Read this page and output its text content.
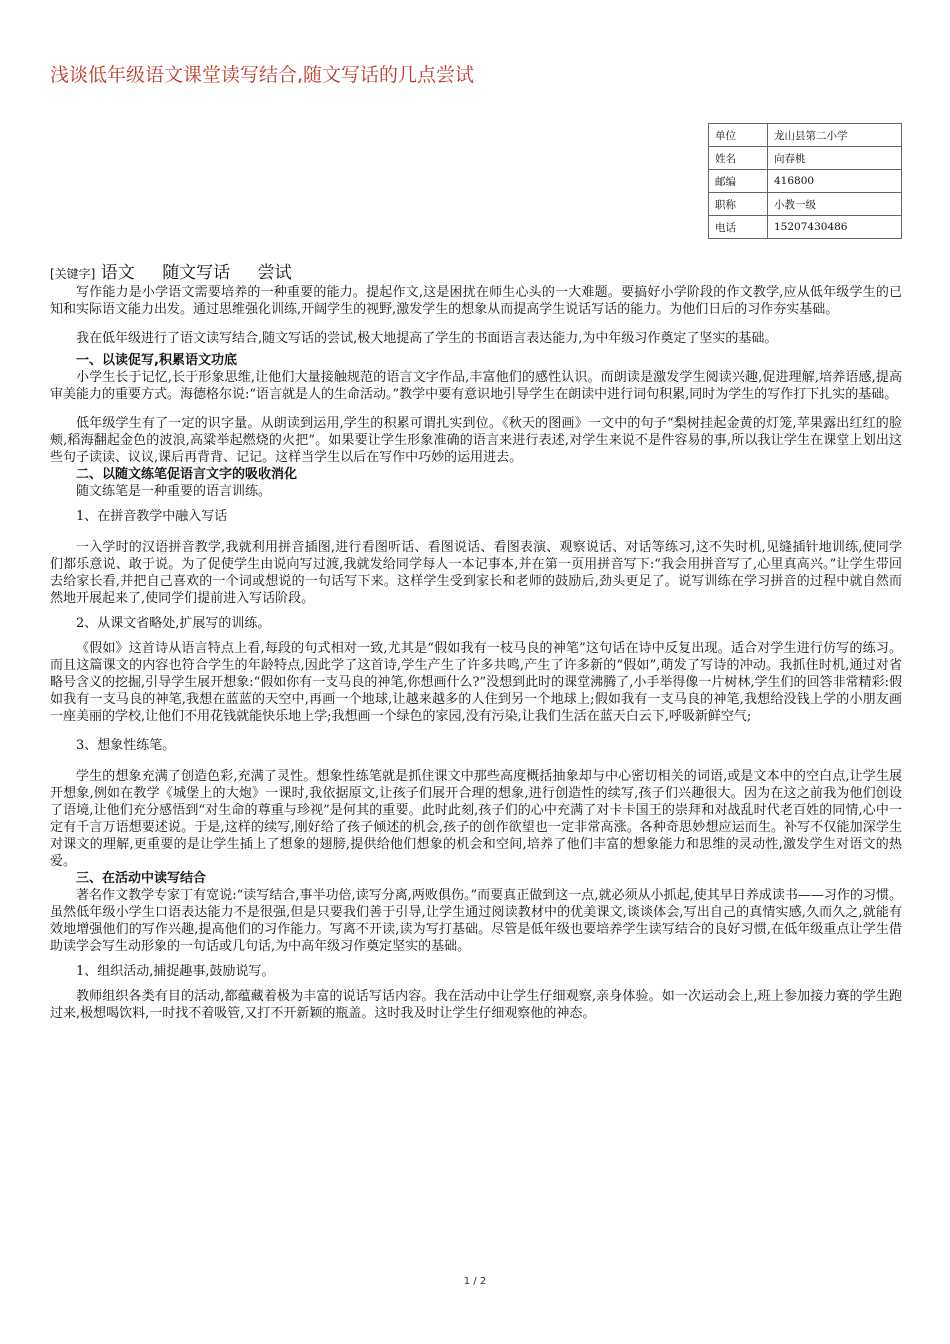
浅谈低年级语文课堂读写结合,随文写话的几点尝试
单位	龙山县第二小学
姓名	向春桃
邮编	416800
职称	小教一级
电话	15207430486
[关键字] 语文 随文写话 尝试

写作能力是小学语文需要培养的一种重要的能力。提起作文,这是困扰在师生心头的一大难题。要搞好小学阶段的作文教学,应从低年级学生的已知和实际语文能力出发。通过思维强化训练,开阔学生的视野,激发学生的想象从而提高学生说话写话的能力。为他们日后的习作夯实基础。

我在低年级进行了语文读写结合,随文写话的尝试,极大地提高了学生的书面语言表达能力,为中年级习作奠定了坚实的基础。

一、以读促写,积累语文功底

小学生长于记忆,长于形象思维,让他们大量接触规范的语言文字作品,丰富他们的感性认识。而朗读是激发学生阅读兴趣,促进理解,培养语感,提高审美能力的重要方式。海德格尔说:“语言就是人的生命活动。”教学中要有意识地引导学生在朗读中进行词句积累,同时为学生的写作打下扎实的基础。

低年级学生有了一定的识字量。从朗读到运用,学生的积累可谓扎实到位。《秋天的图画》一文中的句子“梨树挂起金黄的灯笼,苹果露出红红的脸颊,稻海翻起金色的波浪,高粱举起燃烧的火把”。如果要让学生形象准确的语言来进行表述,对学生来说不是件容易的事,所以我让学生在课堂上划出这些句子读读、议议,课后再背背、记记。这样当学生以后在写作中巧妙的运用进去。

二、以随文练笔促语言文字的吸收消化

随文练笔是一种重要的语言训练。

1、在拼音教学中融入写话

一入学时的汉语拼音教学,我就利用拼音插图,进行看图听话、看图说话、看图表演、观察说话、对话等练习,这不失时机,见缝插针地训练,使同学们都乐意说、敢于说。为了促使学生由说向写过渡,我就发给同学每人一本记事本,并在第一页用拼音写下:“我会用拼音写了,心里真高兴。”让学生带回去给家长看,并把自己喜欢的一个词或想说的一句话写下来。这样学生受到家长和老师的鼓励后,劲头更足了。说写训练在学习拼音的过程中就自然而然地开展起来了,使同学们提前进入写话阶段。

2、从课文省略处,扩展写的训练。

《假如》这首诗从语言特点上看,每段的句式相对一致,尤其是“假如我有一枝马良的神笔”这句话在诗中反复出现。适合对学生进行仿写的练习。而且这篇课文的内容也符合学生的年龄特点,因此学了这首诗,学生产生了许多共鸣,产生了许多新的“假如”,萌发了写诗的冲动。我抓住时机,通过对省略号含义的挖掘,引导学生展开想象:“假如你有一支马良的神笔,你想画什么?”没想到此时的课堂沸腾了,小手举得像一片树林,学生们的回答非常精彩:假如我有一支马良的神笔,我想在蓝蓝的天空中,再画一个地球,让越来越多的人住到另一个地球上;假如我有一支马良的神笔,我想给没钱上学的小朋友画一座美丽的学校,让他们不用花钱就能快乐地上学;我想画一个绿色的家园,没有污染,让我们生活在蓝天白云下,呼吸新鲜空气;

3、想象性练笔。

学生的想象充满了创造色彩,充满了灵性。想象性练笔就是抓住课文中那些高度概括抽象却与中心密切相关的词语,或是文本中的空白点,让学生展开想象,例如在教学《城堡上的大炮》一课时,我依据原文,让孩子们展开合理的想象,进行创造性的续写,孩子们兴趣很大。因为在这之前我为他们创设了语境,让他们充分感悟到“对生命的尊重与珍视”是何其的重要。此时此刻,孩子们的心中充满了对卡卡国王的崇拜和对战乱时代老百姓的同情,心中一定有千言万语想要述说。于是,这样的续写,刚好给了孩子倾述的机会,孩子的创作欲望也一定非常高涨。各种奇思妙想应运而生。补写不仅能加深学生对课文的理解,更重要的是让学生插上了想象的翅膀,提供给他们想象的机会和空间,培养了他们丰富的想象能力和思维的灵动性,激发学生对语文的热爱。

三、在活动中读写结合

著名作文教学专家丁有宽说:“读写结合,事半功倍,读写分离,两败俱伤。”而要真正做到这一点,就必须从小抓起,使其早日养成读书——习作的习惯。虽然低年级小学生口语表达能力不是很强,但是只要我们善于引导,让学生通过阅读教材中的优美课文,谈谈体会,写出自己的真情实感,久而久之,就能有效地增强他们的写作兴趣,提高他们的习作能力。写离不开读,读为写打基础。尽管是低年级也要培养学生读写结合的良好习惯,在低年级重点让学生借助读学会写生动形象的一句话或几句话,为中高年级习作奠定坚实的基础。

1、组织活动,捕捉趣事,鼓励说写。

教师组织各类有目的活动,都蕴藏着极为丰富的说话写话内容。我在活动中让学生仔细观察,亲身体验。如一次运动会上,班上参加接力赛的学生跑过来,极想喝饮料,一时找不着吸管,又打不开新颖的瓶盖。这时我及时让学生仔细观察他的神态。

1 / 2
